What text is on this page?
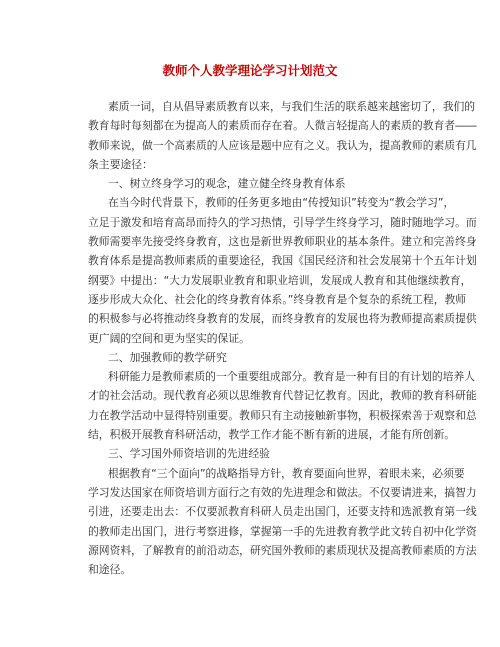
教师个人教学理论学习计划范文
素质一词，自从倡导素质教育以来，与我们生活的联系越来越密切了，我们的
教育每时每刻都在为提高人的素质而存在着。人微言轻提高人的素质的教育者――
教师来说，做一个高素质的人应该是题中应有之义。我认为，提高教师的素质有几
条主要途径：
一、树立终身学习的观念，建立健全终身教育体系
在当今时代背景下，教师的任务更多地由“传授知识”转变为“教会学习”，
立足于激发和培育高昂而持久的学习热情，引导学生终身学习，随时随地学习。而
教师需要率先接受终身教育，这也是新世界教师职业的基本条件。建立和完善终身
教育体系是提高教师素质的重要途径，我国《国民经济和社会发展第十个五年计划
纲要》中提出：“大力发展职业教育和职业培训，发展成人教育和其他继续教育，
逐步形成大众化、社会化的终身教育体系。”终身教育是个复杂的系统工程，教师
的积极参与必将推动终身教育的发展，而终身教育的发展也将为教师提高素质提供
更广阔的空间和更为坚实的保证。
二、加强教师的教学研究
科研能力是教师素质的一个重要组成部分。教育是一种有目的有计划的培养人
才的社会活动。现代教育必须以思维教育代替记忆教育。因此，教师的教育科研能
力在教学活动中显得特别重要。教师只有主动接触新事物，积极探索善于观察和总
结，积极开展教育科研活动，教学工作才能不断有新的进展，才能有所创新。
三、学习国外师资培训的先进经验
根据教育“三个面向”的战略指导方针，教育要面向世界，着眼未来，必须要
学习发达国家在师资培训方面行之有效的先进理念和做法。不仅要请进来，搞智力
引进，还要走出去：不仅要派教育科研人员走出国门，还要支持和选派教育第一线
的教师走出国门，进行考察进修，掌握第一手的先进教育教学此文转自初中化学资
源网资料，了解教育的前沿动态，研究国外教师的素质现状及提高教师素质的方法
和途径。
